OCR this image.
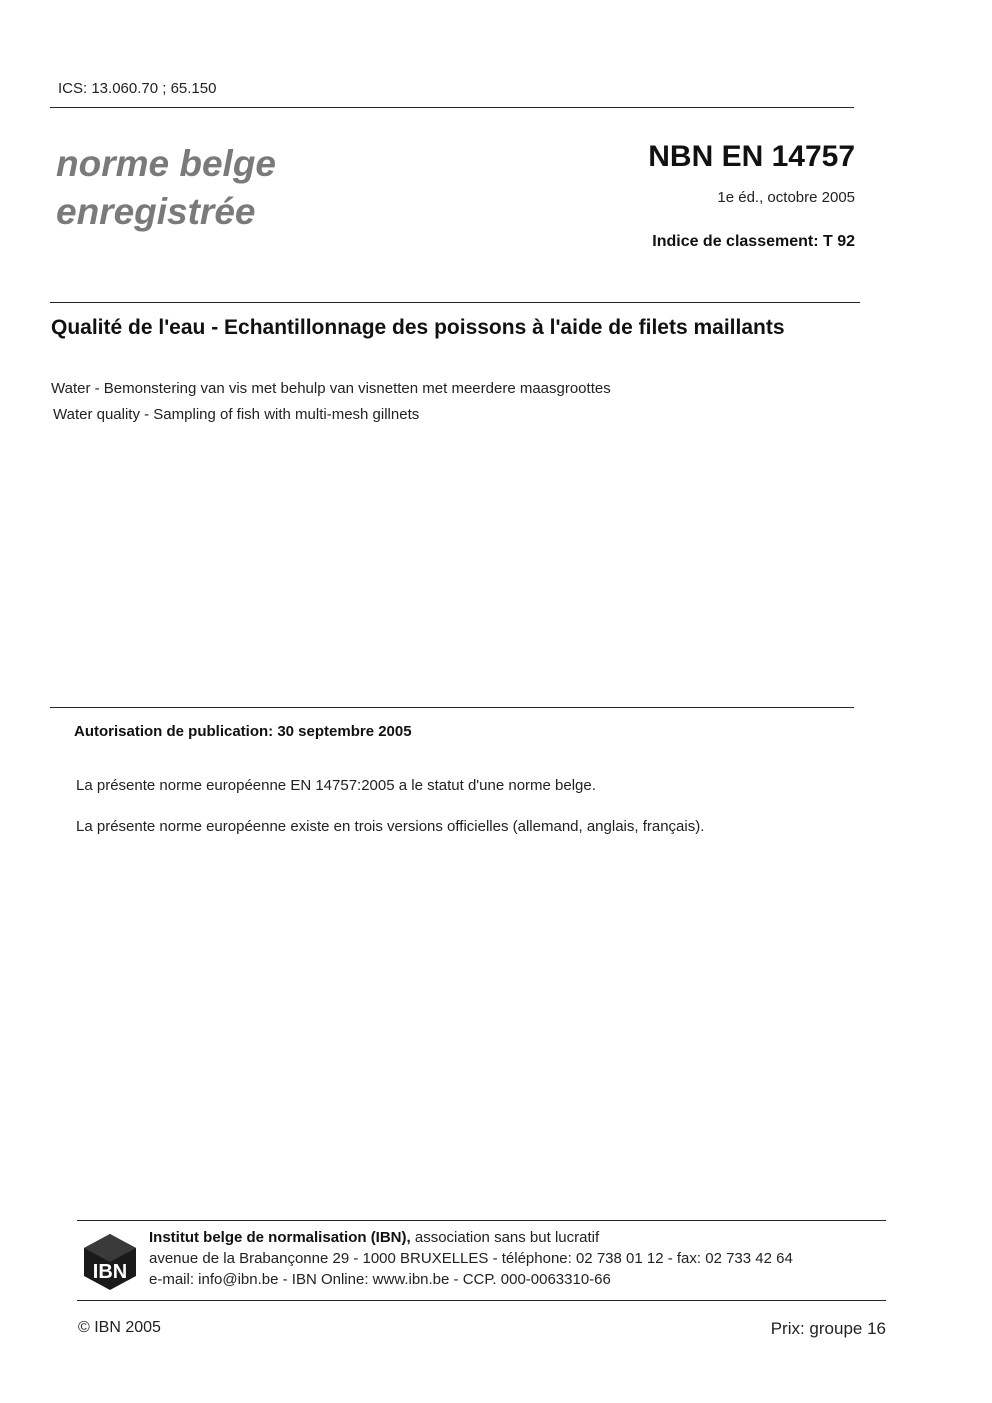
ICS: 13.060.70 ; 65.150
norme belge
enregistrée
NBN EN 14757
1e éd., octobre 2005
Indice de classement: T 92
Qualité de l'eau - Echantillonnage des poissons à l'aide de filets maillants
Water - Bemonstering van vis met behulp van visnetten met meerdere maasgroottes
Water quality - Sampling of fish with multi-mesh gillnets
Autorisation de publication: 30 septembre 2005
La présente norme européenne EN 14757:2005 a le statut d'une norme belge.
La présente norme européenne existe en trois versions officielles (allemand, anglais, français).
IBN
Institut belge de normalisation (IBN), association sans but lucratif
avenue de la Brabançonne 29 - 1000 BRUXELLES - téléphone: 02 738 01 12 - fax: 02 733 42 64
e-mail: info@ibn.be - IBN Online: www.ibn.be - CCP. 000-0063310-66
© IBN 2005	Prix: groupe 16
